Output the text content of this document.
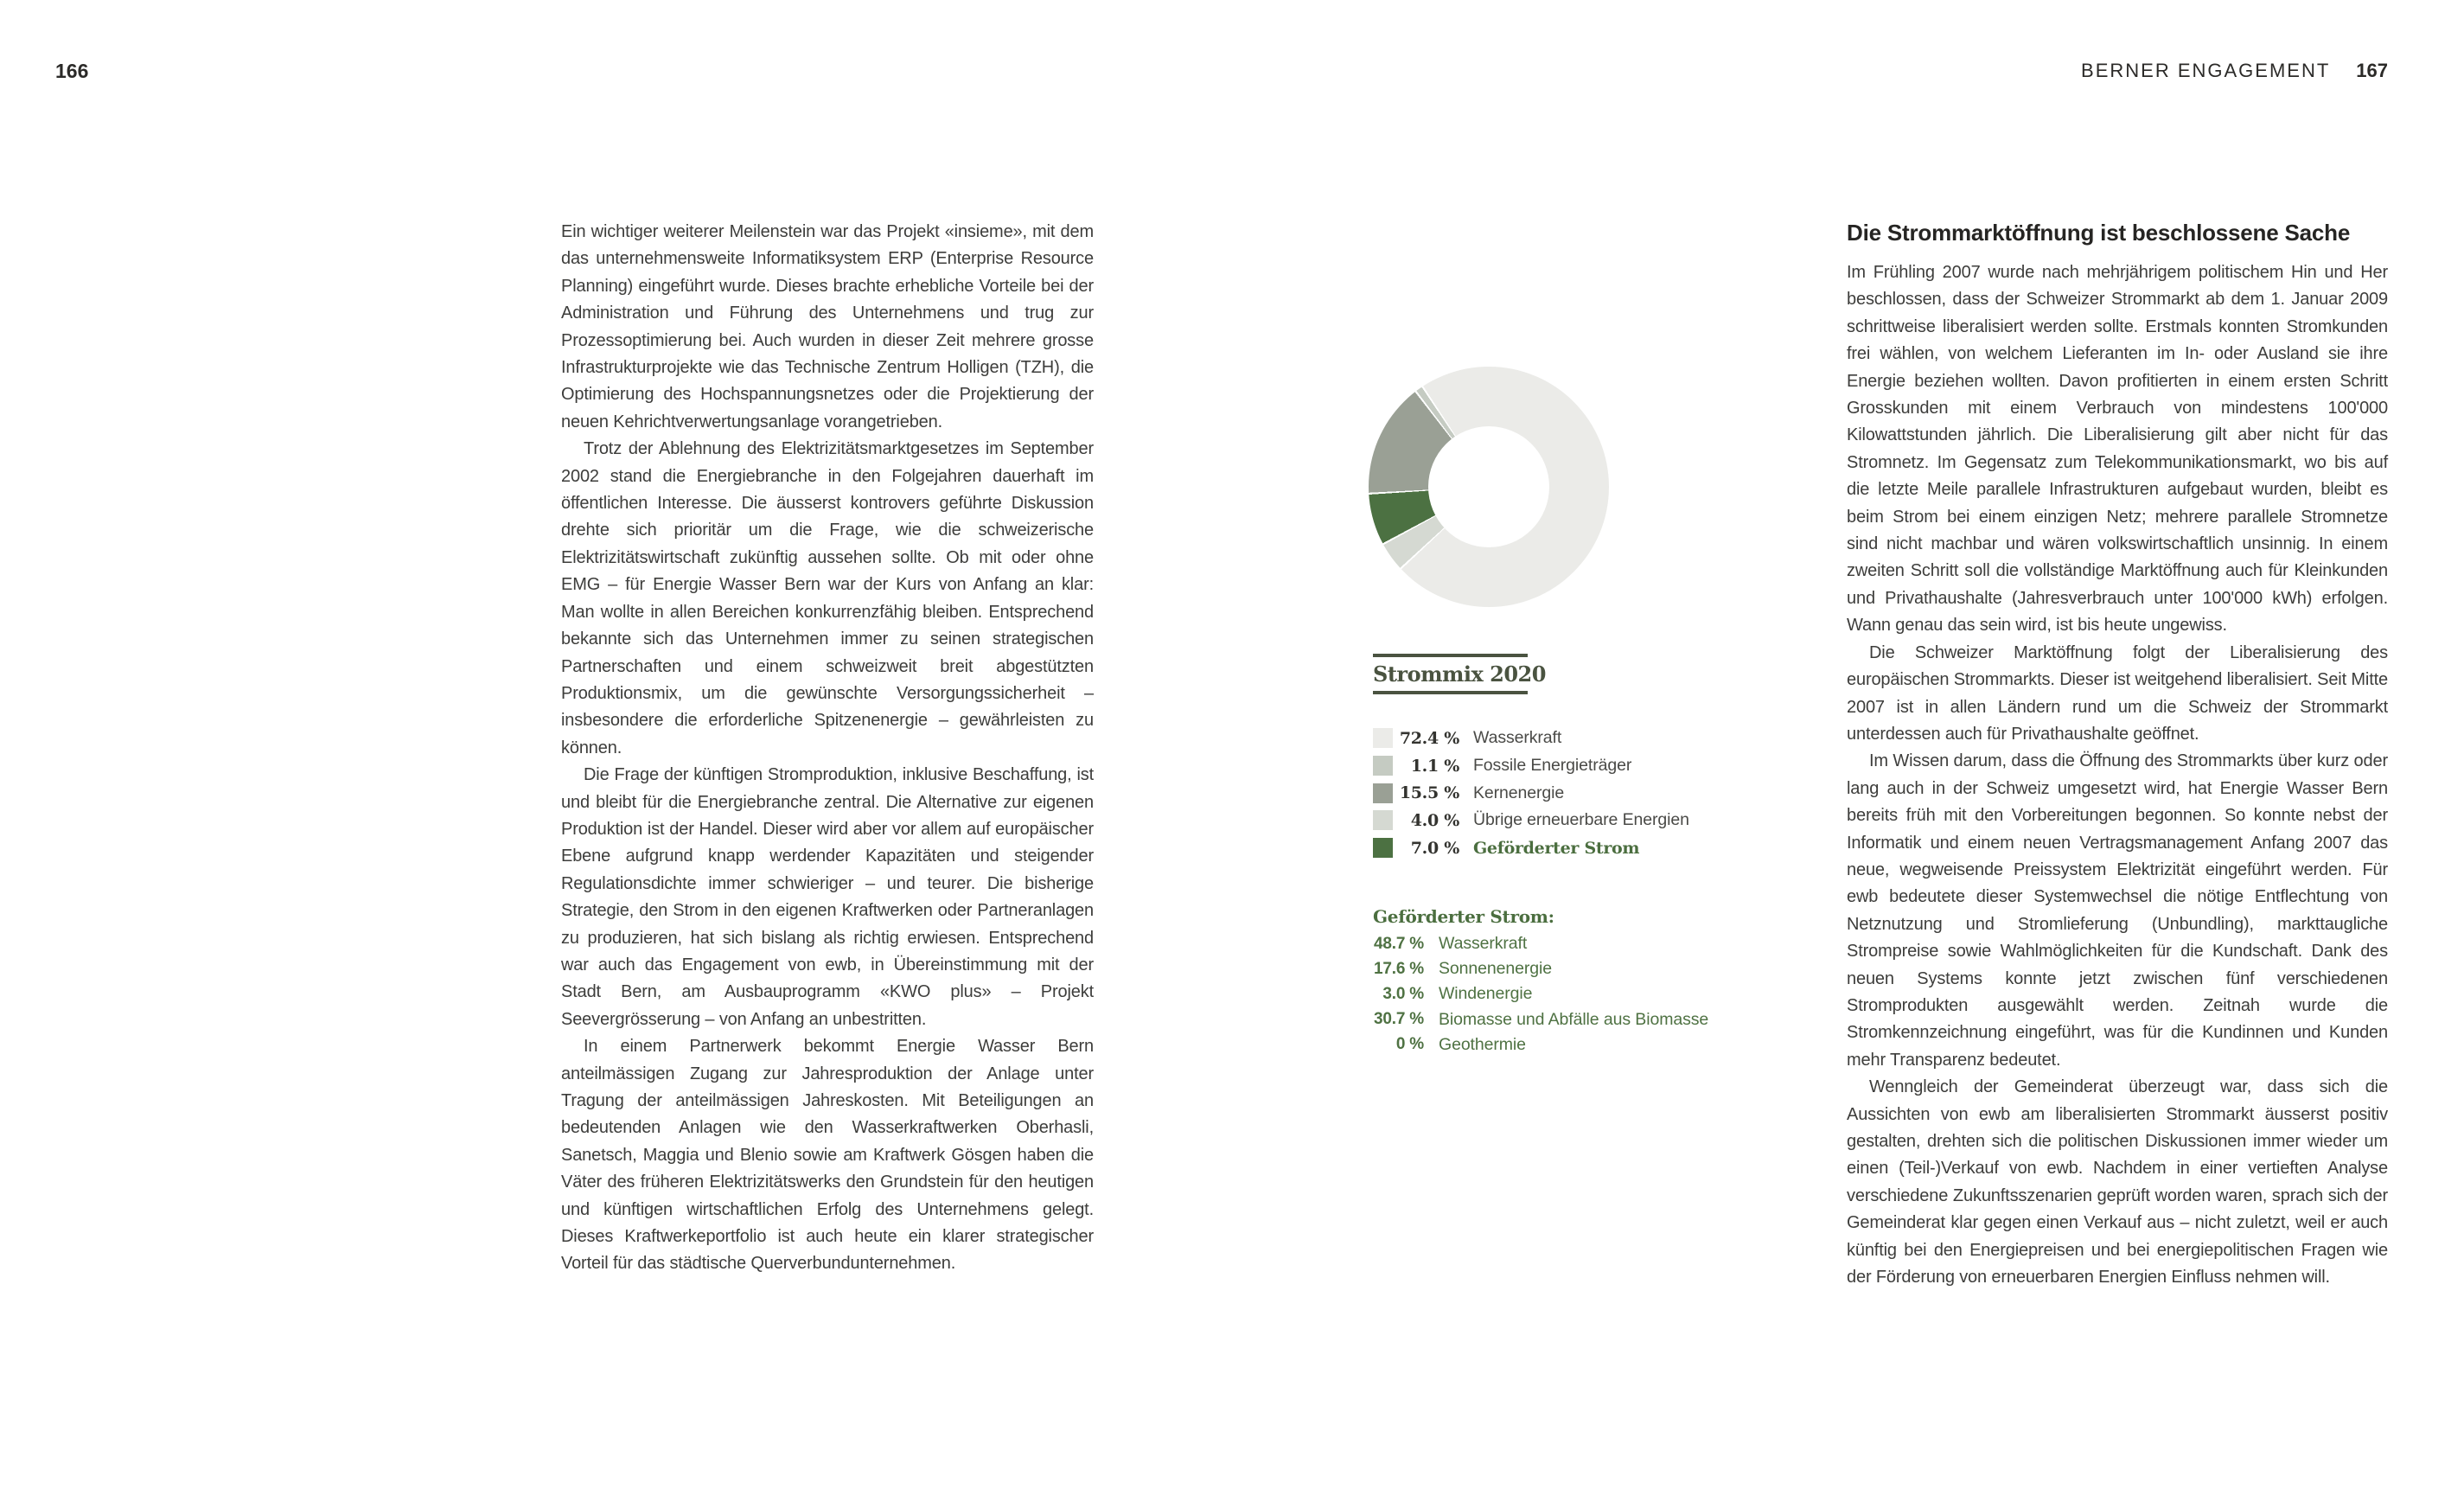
166	BERNER ENGAGEMENT 167

Ein wichtiger weiterer Meilenstein war das Projekt «insieme», mit dem das unternehmensweite Informatiksystem ERP (Enterprise Resource Planning) eingeführt wurde. Dieses brachte erhebliche Vorteile bei der Administration und Führung des Unternehmens und trug zur Prozessoptimierung bei. Auch wurden in dieser Zeit mehrere grosse Infrastrukturprojekte wie das Technische Zentrum Holligen (TZH), die Optimierung des Hochspannungsnetzes oder die Projektierung der neuen Kehrichtverwertungsanlage vorangetrieben.

Trotz der Ablehnung des Elektrizitätsmarktgesetzes im September 2002 stand die Energiebranche in den Folgejahren dauerhaft im öffentlichen Interesse. Die äusserst kontrovers geführte Diskussion drehte sich prioritär um die Frage, wie die schweizerische Elektrizitätswirtschaft zukünftig aussehen sollte. Ob mit oder ohne EMG – für Energie Wasser Bern war der Kurs von Anfang an klar: Man wollte in allen Bereichen konkurrenzfähig bleiben. Entsprechend bekannte sich das Unternehmen immer zu seinen strategischen Partnerschaften und einem schweizweit breit abgestützten Produktionsmix, um die gewünschte Versorgungssicherheit – insbesondere die erforderliche Spitzenenergie – gewährleisten zu können.

Die Frage der künftigen Stromproduktion, inklusive Beschaffung, ist und bleibt für die Energiebranche zentral. Die Alternative zur eigenen Produktion ist der Handel. Dieser wird aber vor allem auf europäischer Ebene aufgrund knapp werdender Kapazitäten und steigender Regulationsdichte immer schwieriger – und teurer. Die bisherige Strategie, den Strom in den eigenen Kraftwerken oder Partneranlagen zu produzieren, hat sich bislang als richtig erwiesen. Entsprechend war auch das Engagement von ewb, in Übereinstimmung mit der Stadt Bern, am Ausbauprogramm «KWO plus» – Projekt Seevergrösserung – von Anfang an unbestritten.

In einem Partnerwerk bekommt Energie Wasser Bern anteilmässigen Zugang zur Jahresproduktion der Anlage unter Tragung der anteilmässigen Jahreskosten. Mit Beteiligungen an bedeutenden Anlagen wie den Wasserkraftwerken Oberhasli, Sanetsch, Maggia und Blenio sowie am Kraftwerk Gösgen haben die Väter des früheren Elektrizitätswerks den Grundstein für den heutigen und künftigen wirtschaftlichen Erfolg des Unternehmens gelegt. Dieses Kraftwerkeportfolio ist auch heute ein klarer strategischer Vorteil für das städtische Querverbundunternehmen.

Strommix 2020
72.4 % Wasserkraft
1.1 % Fossile Energieträger
15.5 % Kernenergie
4.0 % Übrige erneuerbare Energien
7.0 % Geförderter Strom
Geförderter Strom:
48.7 % Wasserkraft
17.6 % Sonnenenergie
3.0 % Windenergie
30.7 % Biomasse und Abfälle aus Biomasse
0 % Geothermie
Die Strommarktöffnung ist beschlossene Sache

Im Frühling 2007 wurde nach mehrjährigem politischem Hin und Her beschlossen, dass der Schweizer Strommarkt ab dem 1. Januar 2009 schrittweise liberalisiert werden sollte. Erstmals konnten Stromkunden frei wählen, von welchem Lieferanten im In- oder Ausland sie ihre Energie beziehen wollten. Davon profitierten in einem ersten Schritt Grosskunden mit einem Verbrauch von mindestens 100'000 Kilowattstunden jährlich. Die Liberalisierung gilt aber nicht für das Stromnetz. Im Gegensatz zum Telekommunikationsmarkt, wo bis auf die letzte Meile parallele Infrastrukturen aufgebaut wurden, bleibt es beim Strom bei einem einzigen Netz; mehrere parallele Stromnetze sind nicht machbar und wären volkswirtschaftlich unsinnig. In einem zweiten Schritt soll die vollständige Marktöffnung auch für Kleinkunden und Privathaushalte (Jahresverbrauch unter 100'000 kWh) erfolgen. Wann genau das sein wird, ist bis heute ungewiss.

Die Schweizer Marktöffnung folgt der Liberalisierung des europäischen Strommarkts. Dieser ist weitgehend liberalisiert. Seit Mitte 2007 ist in allen Ländern rund um die Schweiz der Strommarkt unterdessen auch für Privathaushalte geöffnet.

Im Wissen darum, dass die Öffnung des Strommarkts über kurz oder lang auch in der Schweiz umgesetzt wird, hat Energie Wasser Bern bereits früh mit den Vorbereitungen begonnen. So konnte nebst der Informatik und einem neuen Vertragsmanagement Anfang 2007 das neue, wegweisende Preissystem Elektrizität eingeführt werden. Für ewb bedeutete dieser Systemwechsel die nötige Entflechtung von Netznutzung und Stromlieferung (Unbundling), markttaugliche Strompreise sowie Wahlmöglichkeiten für die Kundschaft. Dank des neuen Systems konnte jetzt zwischen fünf verschiedenen Stromprodukten ausgewählt werden. Zeitnah wurde die Stromkennzeichnung eingeführt, was für die Kundinnen und Kunden mehr Transparenz bedeutet.

Wenngleich der Gemeinderat überzeugt war, dass sich die Aussichten von ewb am liberalisierten Strommarkt äusserst positiv gestalten, drehten sich die politischen Diskussionen immer wieder um einen (Teil-)Verkauf von ewb. Nachdem in einer vertieften Analyse verschiedene Zukunftsszenarien geprüft worden waren, sprach sich der Gemeinderat klar gegen einen Verkauf aus – nicht zuletzt, weil er auch künftig bei den Energiepreisen und bei energiepolitischen Fragen wie der Förderung von erneuerbaren Energien Einfluss nehmen will.
